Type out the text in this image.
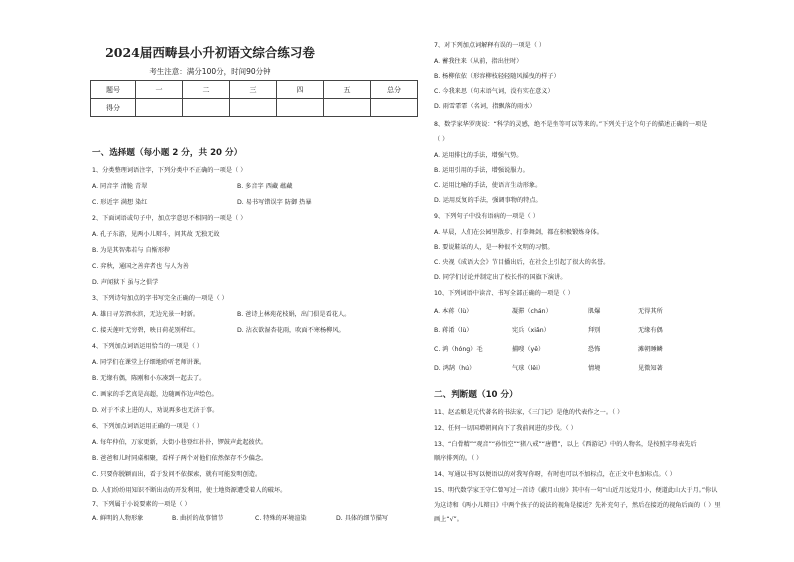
2024届西畴县小升初语文综合练习卷
考生注意：满分100分，时间90分钟
题号	一	二	三	四	五	总分
得分						
一、选择题（每小题 2 分，共 20 分）
1、分类整理词语注字，下列分类中不正确的一项是（ ）
A. 同音字 清脆 青翠	B. 多音字 西藏 蕴藏
C. 形近字 满想 染红	D. 易书写错误字 防御 热暴
2、下面词语或句子中，加点字意思不相同的一项是（ ）
A. 孔子东游，见两小儿辩斗，问其故 无独无故
B. 为是其智弗若与 自惭形秽
C. 弈秋，通国之善弈者也 与人为善
D. 声闻狱下 虽与之俱学
3、下列诗句加点的字书写完全正确的一项是（ ）
A. 雄日寻芳泗水滨，无边光景一时新。	B. 爸诗上林苑花枝娟，出门俱是看花人。
C. 接天莲叶无穷碧，映日荷花别样红。	D. 沾衣欲湿杏花雨，吹面不寒杨柳风。
4、下列加点词语运用恰当的一项是（ ）
A. 同学们在课堂上仔细地聆听老师讲课。
B. 无缘有偶，陈刚和小东凑到一起去了。
C. 画家的手艺真是高超，边随画作边声绘色。
D. 对于不求上进的人，劝说再多也无济于事。
6、下列加点词语运用正确的一项是（ ）
A. 每年仲伯，万家更新，大街小巷登红扑扑，锣鼓声此起彼伏。
B. 爸爸和儿时同桌相聚，看样子两个对他们依然保存不少偏念。
C. 只要你脱颖而出，看于发问不依探索，就有可能发明创造。
D. 人们纷纷用知识不断出动的开发利用，使土地资源遭受着人的破坏。
7、下列属于小说要素的一项是（ ）
A. 鲜明的人物形象	B. 曲折的故事情节	C. 特殊的环境渲染	D. 具体的细节描写
7、对下列加点词解释有误的一项是（ ）
A. 蓄我往来（从前，指出往时）
B. 杨柳依依（形容柳枝轻轻随风摇曳的样子）
C. 今我来思（句末语气词，没有实在意义）
D. 雨雪霏霏（名词，指飘落的雨水）
8、数学家华罗庚说：“科学的灵感，绝不是坐等可以等来的。”下列关于这个句子的描述正确的一项是
（ ）
A. 运用排比的手法，增强气势。
B. 运用引用的手法，增强说服力。
C. 运用比喻的手法，使语言生动形象。
D. 运用反复的手法，强调事物的特点。
9、下列句子中没有语病的一项是（ ）
A. 早晨，人们在公园里散步、打拳舞剑，都在积极锻炼身体。
B. 要说鞋话的人，是一种很不文明的习惯。
C. 央视《成语大会》节目播出后，在社会上引起了很大的名誉。
D. 同学们讨论并制定出了校长作的国旗下演讲。
10、下列词语中读音、书写全部正确的一项是（ ）
A. 本蒋（lù）	凝滞（chán）	肌爆	无得其所
B. 蒋淆（lù）	宪兵（xiǎn）	拜别	无缘有偶
C. 鸿（hóng）毛	捕嗖（yě）	恐怖	滩朝睡鳞
D. 鸿鹄（hú）	气球（lěi）	情境	见微知著
二、判断题（10 分）
11、赵孟頫是元代著名的书法家，《三门记》是他的代表作之一。（ ）
12、任何一切国增朝间向下了我前间进的步伐。（ ）
13、“白骨精”“观音”“孙悟空”“猪八戒”“唐僧”，以上《西游记》中的人物名，是按照字母表先后
顺序排列的。（ ）
14、写通以书写以便语以的对我写你呀，有时也可以不加标点，在正文中也加标点。（ ）
15、明代数学家王守仁曾写过一首诗《蔽月山房》其中有一句“山近月远觉月小，便道此山大于月。”你认
为这诗和《两小儿辩日》中两个孩子的说法的视角是接近？先补充句子，然后在接近的视角后面的（ ）里
画上“√”。
